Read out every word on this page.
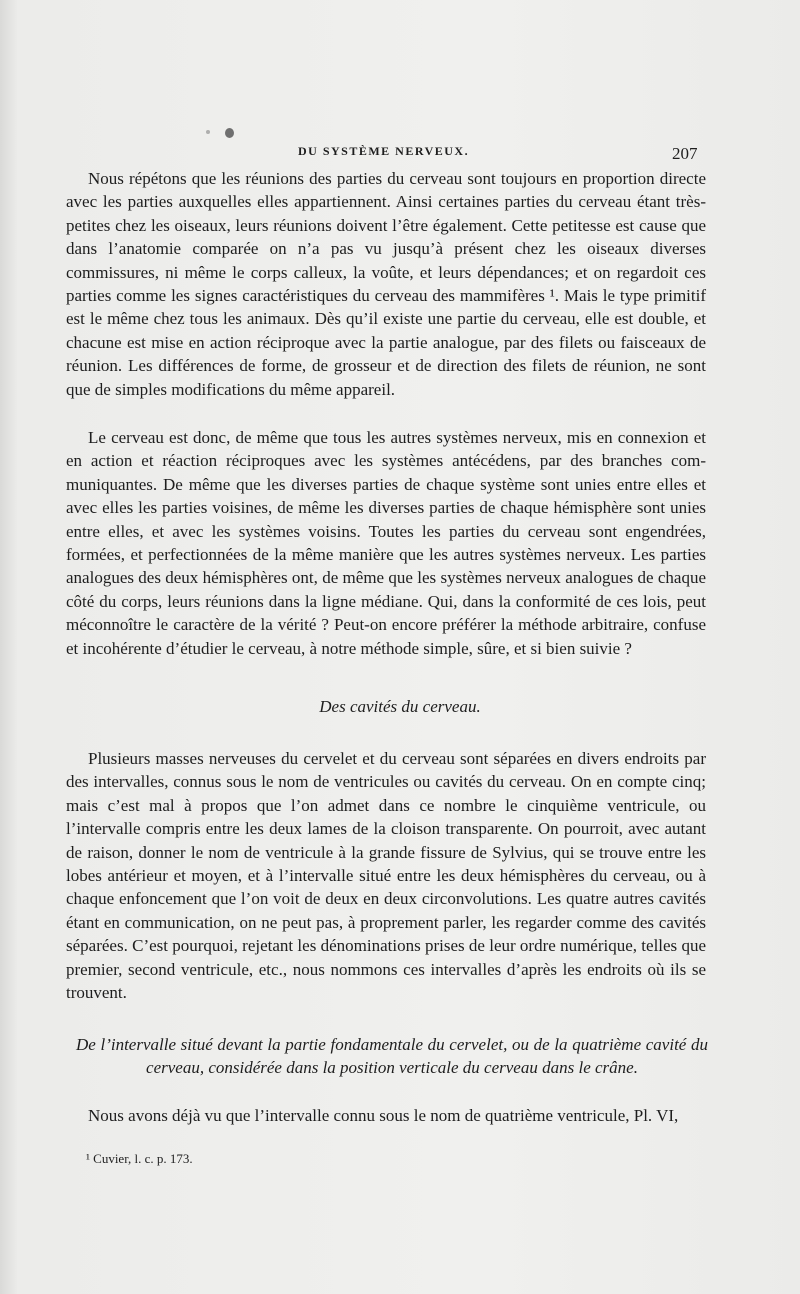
DU SYSTÈME NERVEUX.	207

Nous répétons que les réunions des parties du cerveau sont toujours en proportion directe avec les parties auxquelles elles appartiennent. Ainsi certaines parties du cerveau étant très-petites chez les oiseaux, leurs réunions doivent l’être également. Cette petitesse est cause que dans l’anatomie comparée on n’a pas vu jusqu’à présent chez les oiseaux diverses commissures, ni même le corps calleux, la voûte, et leurs dépendances; et on regardoit ces parties comme les signes caractéristiques du cerveau des mammifères ¹. Mais le type primitif est le même chez tous les animaux. Dès qu’il existe une partie du cerveau, elle est double, et chacune est mise en action réciproque avec la partie analogue, par des filets ou faisceaux de réunion. Les différences de forme, de grosseur et de direction des filets de réunion, ne sont que de simples modifications du même appareil.

Le cerveau est donc, de même que tous les autres systèmes nerveux, mis en connexion et en action et réaction réciproques avec les systèmes antécédens, par des branches communiquantes. De même que les diverses parties de chaque système sont unies entre elles et avec elles les parties voisines, de même les diverses parties de chaque hémisphère sont unies entre elles, et avec les systèmes voisins. Toutes les parties du cerveau sont engendrées, formées, et perfectionnées de la même manière que les autres systèmes nerveux. Les parties analogues des deux hémisphères ont, de même que les systèmes nerveux analogues de chaque côté du corps, leurs réunions dans la ligne médiane. Qui, dans la conformité de ces lois, peut méconnoître le caractère de la vérité ? Peut-on encore préférer la méthode arbitraire, confuse et incohérente d’étudier le cerveau, à notre méthode simple, sûre, et si bien suivie ?

Des cavités du cerveau.

Plusieurs masses nerveuses du cervelet et du cerveau sont séparées en divers endroits par des intervalles, connus sous le nom de ventricules ou cavités du cerveau. On en compte cinq; mais c’est mal à propos que l’on admet dans ce nombre le cinquième ventricule, ou l’intervalle compris entre les deux lames de la cloison transparente. On pourroit, avec autant de raison, donner le nom de ventricule à la grande fissure de Sylvius, qui se trouve entre les lobes antérieur et moyen, et à l’intervalle situé entre les deux hémisphères du cerveau, ou à chaque enfoncement que l’on voit de deux en deux circonvolutions. Les quatre autres cavités étant en communication, on ne peut pas, à proprement parler, les regarder comme des cavités séparées. C’est pourquoi, rejetant les dénominations prises de leur ordre numérique, telles que premier, second ventricule, etc., nous nommons ces intervalles d’après les endroits où ils se trouvent.

De l’intervalle situé devant la partie fondamentale du cervelet, ou de la quatrième cavité du cerveau, considérée dans la position verticale du cerveau dans le crâne.

Nous avons déjà vu que l’intervalle connu sous le nom de quatrième ventricule, Pl. VI,

¹ Cuvier, l. c. p. 173.
